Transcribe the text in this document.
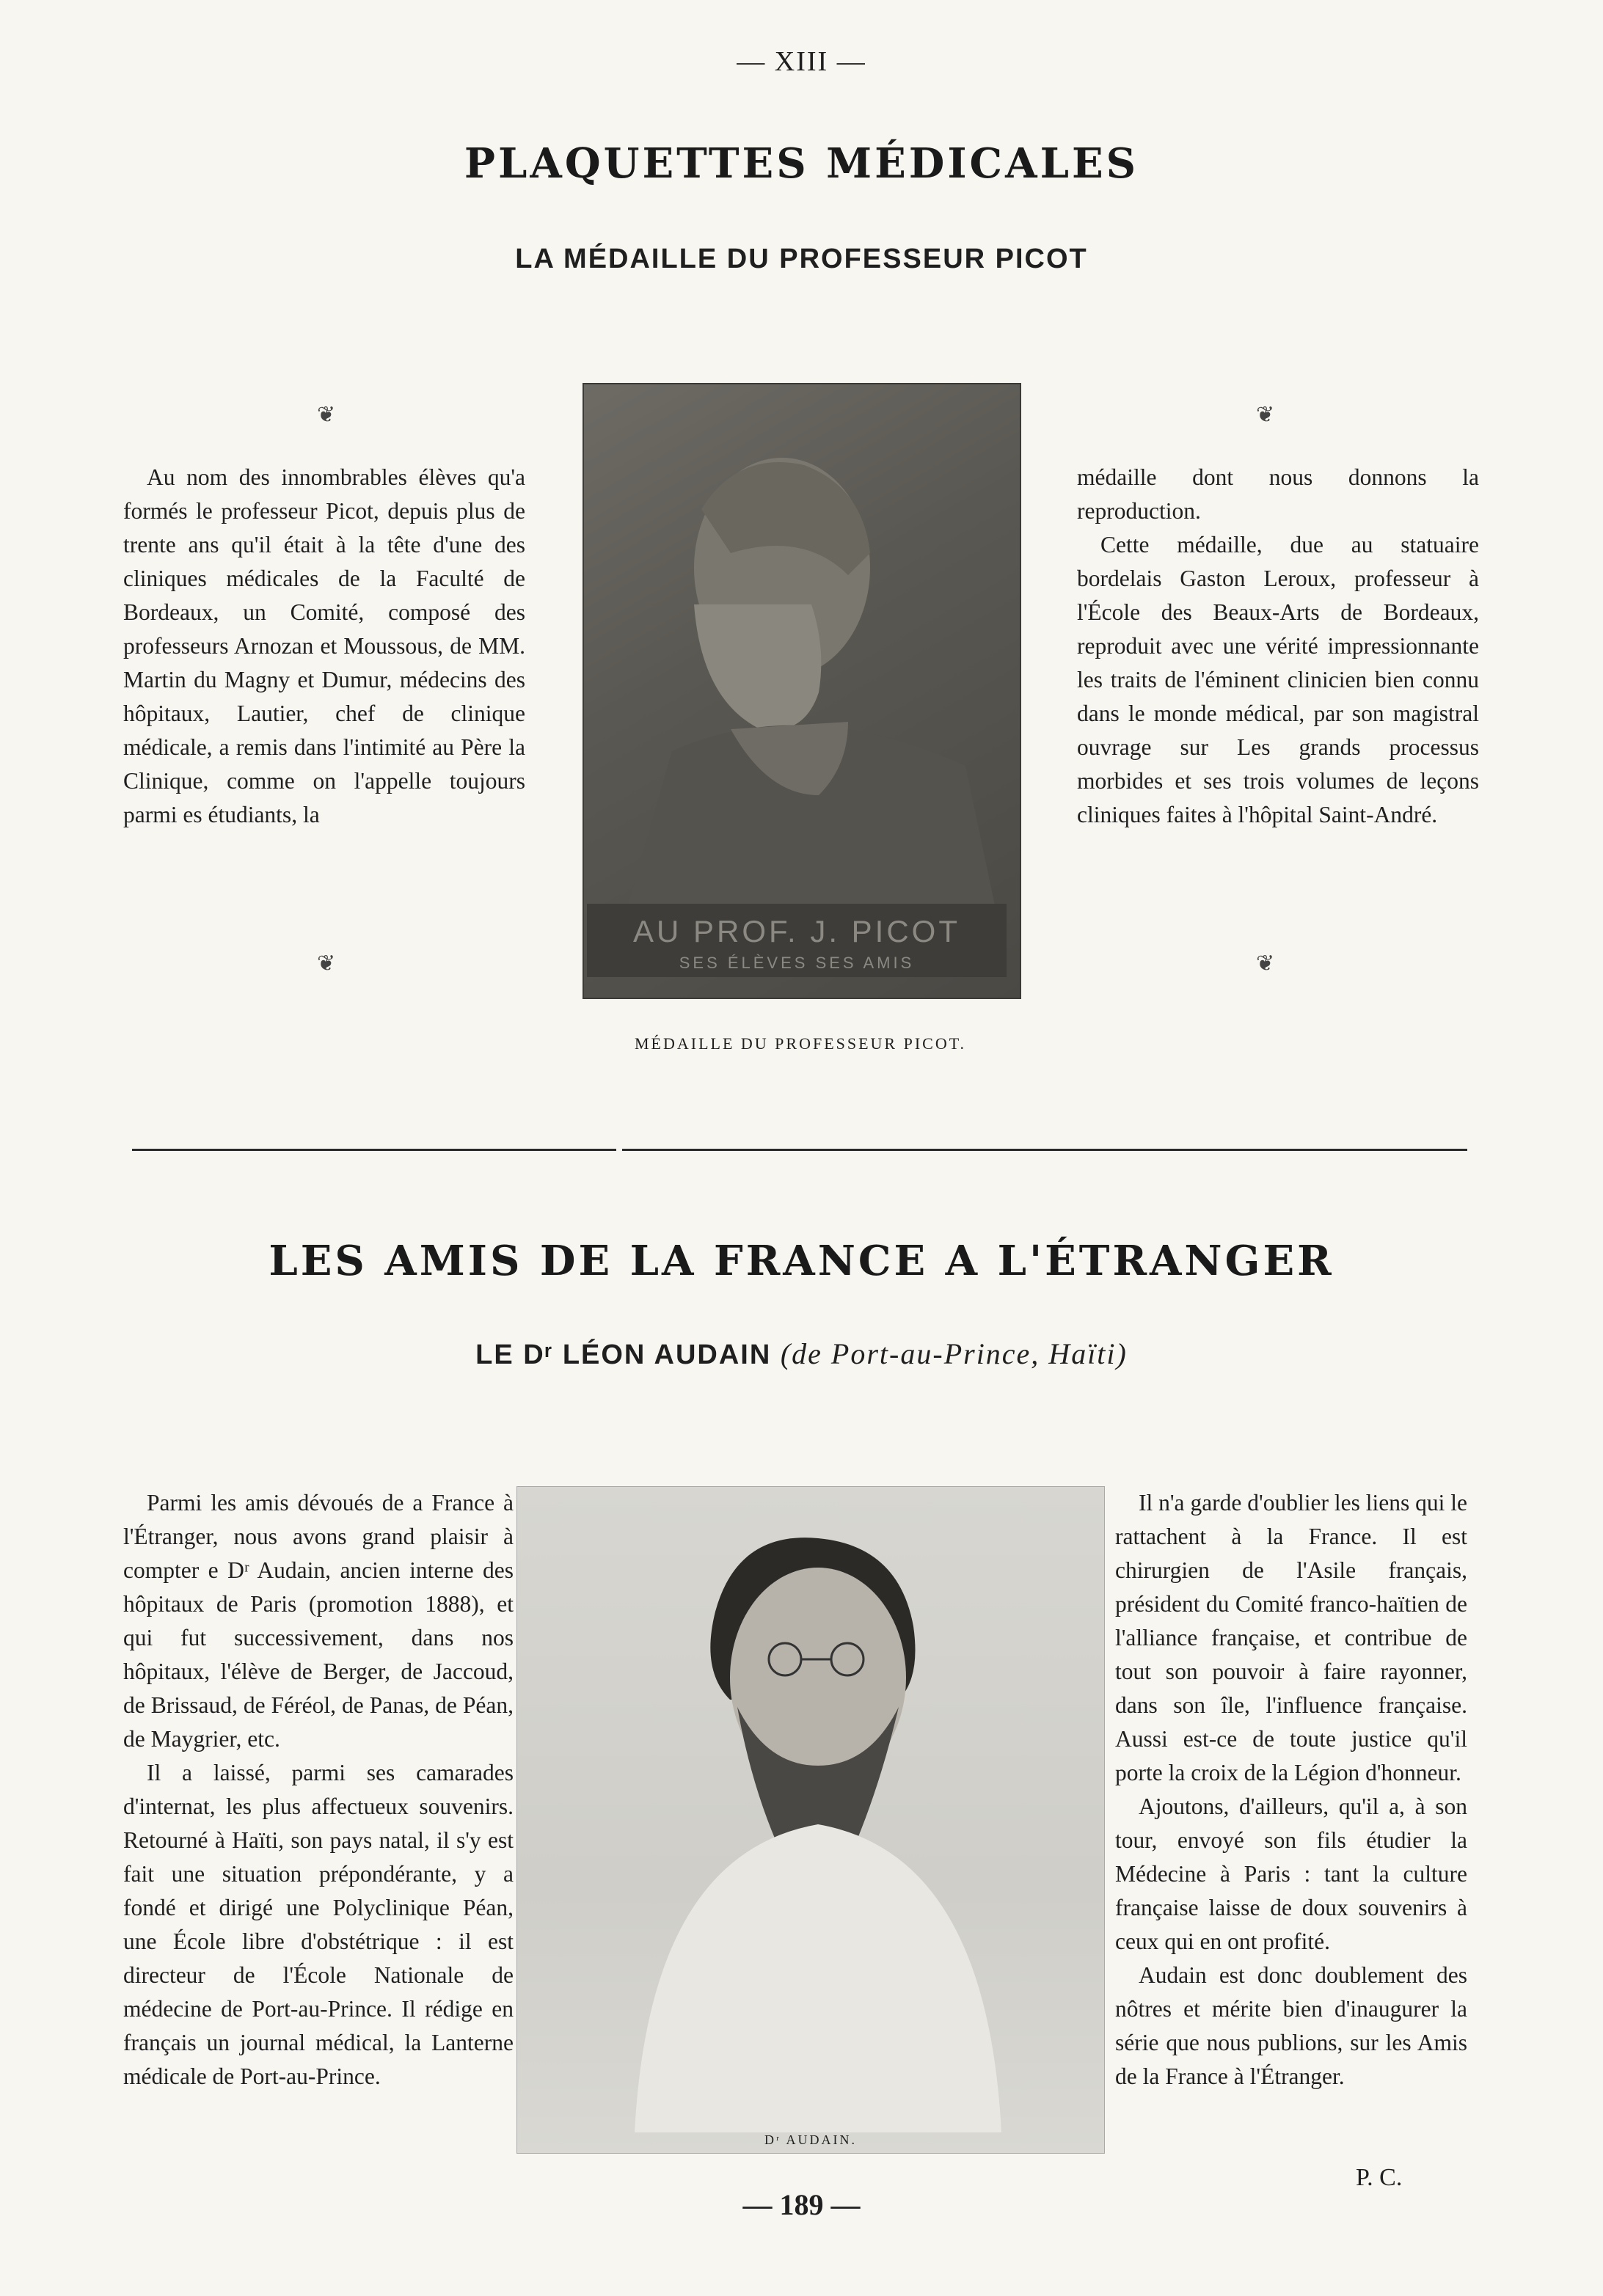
— XIII —
PLAQUETTES MÉDICALES
LA MÉDAILLE DU PROFESSEUR PICOT
❦	❦
❦	❦

Au nom des innombrables élèves qu'a formés le professeur Picot, depuis plus de trente ans qu'il était à la tête d'une des cliniques médicales de la Faculté de Bordeaux, un Comité, composé des professeurs Arnozan et Moussous, de MM. Martin du Magny et Dumur, médecins des hôpitaux, Lautier, chef de clinique médicale, a remis dans l'intimité au Père la Clinique, comme on l'appelle toujours parmi es étudiants, la

AU PROF. J. PICOT
SES ÉLÈVES SES AMIS

médaille dont nous donnons la reproduction.

Cette médaille, due au statuaire bordelais Gaston Leroux, professeur à l'École des Beaux-Arts de Bordeaux, reproduit avec une vérité impressionnante les traits de l'éminent clinicien bien connu dans le monde médical, par son magistral ouvrage sur Les grands processus morbides et ses trois volumes de leçons cliniques faites à l'hôpital Saint-André.

MÉDAILLE DU PROFESSEUR PICOT.
LES AMIS DE LA FRANCE A L'ÉTRANGER
LE Dʳ LÉON AUDAIN (de Port-au-Prince, Haïti)

Parmi les amis dévoués de a France à l'Étranger, nous avons grand plaisir à compter e Dʳ Audain, ancien interne des hôpitaux de Paris (promotion 1888), et qui fut successivement, dans nos hôpitaux, l'élève de Berger, de Jaccoud, de Brissaud, de Féréol, de Panas, de Péan, de Maygrier, etc.

Il a laissé, parmi ses camarades d'internat, les plus affectueux souvenirs. Retourné à Haïti, son pays natal, il s'y est fait une situation prépondérante, y a fondé et dirigé une Polyclinique Péan, une École libre d'obstétrique : il est directeur de l'École Nationale de médecine de Port-au-Prince. Il rédige en français un journal médical, la Lanterne médicale de Port-au-Prince.

Dʳ AUDAIN.

Il n'a garde d'oublier les liens qui le rattachent à la France. Il est chirurgien de l'Asile français, président du Comité franco-haïtien de l'alliance française, et contribue de tout son pouvoir à faire rayonner, dans son île, l'influence française. Aussi est-ce de toute justice qu'il porte la croix de la Légion d'honneur.

Ajoutons, d'ailleurs, qu'il a, à son tour, envoyé son fils étudier la Médecine à Paris : tant la culture française laisse de doux souvenirs à ceux qui en ont profité.

Audain est donc doublement des nôtres et mérite bien d'inaugurer la série que nous publions, sur les Amis de la France à l'Étranger.

P. C.
— 189 —
